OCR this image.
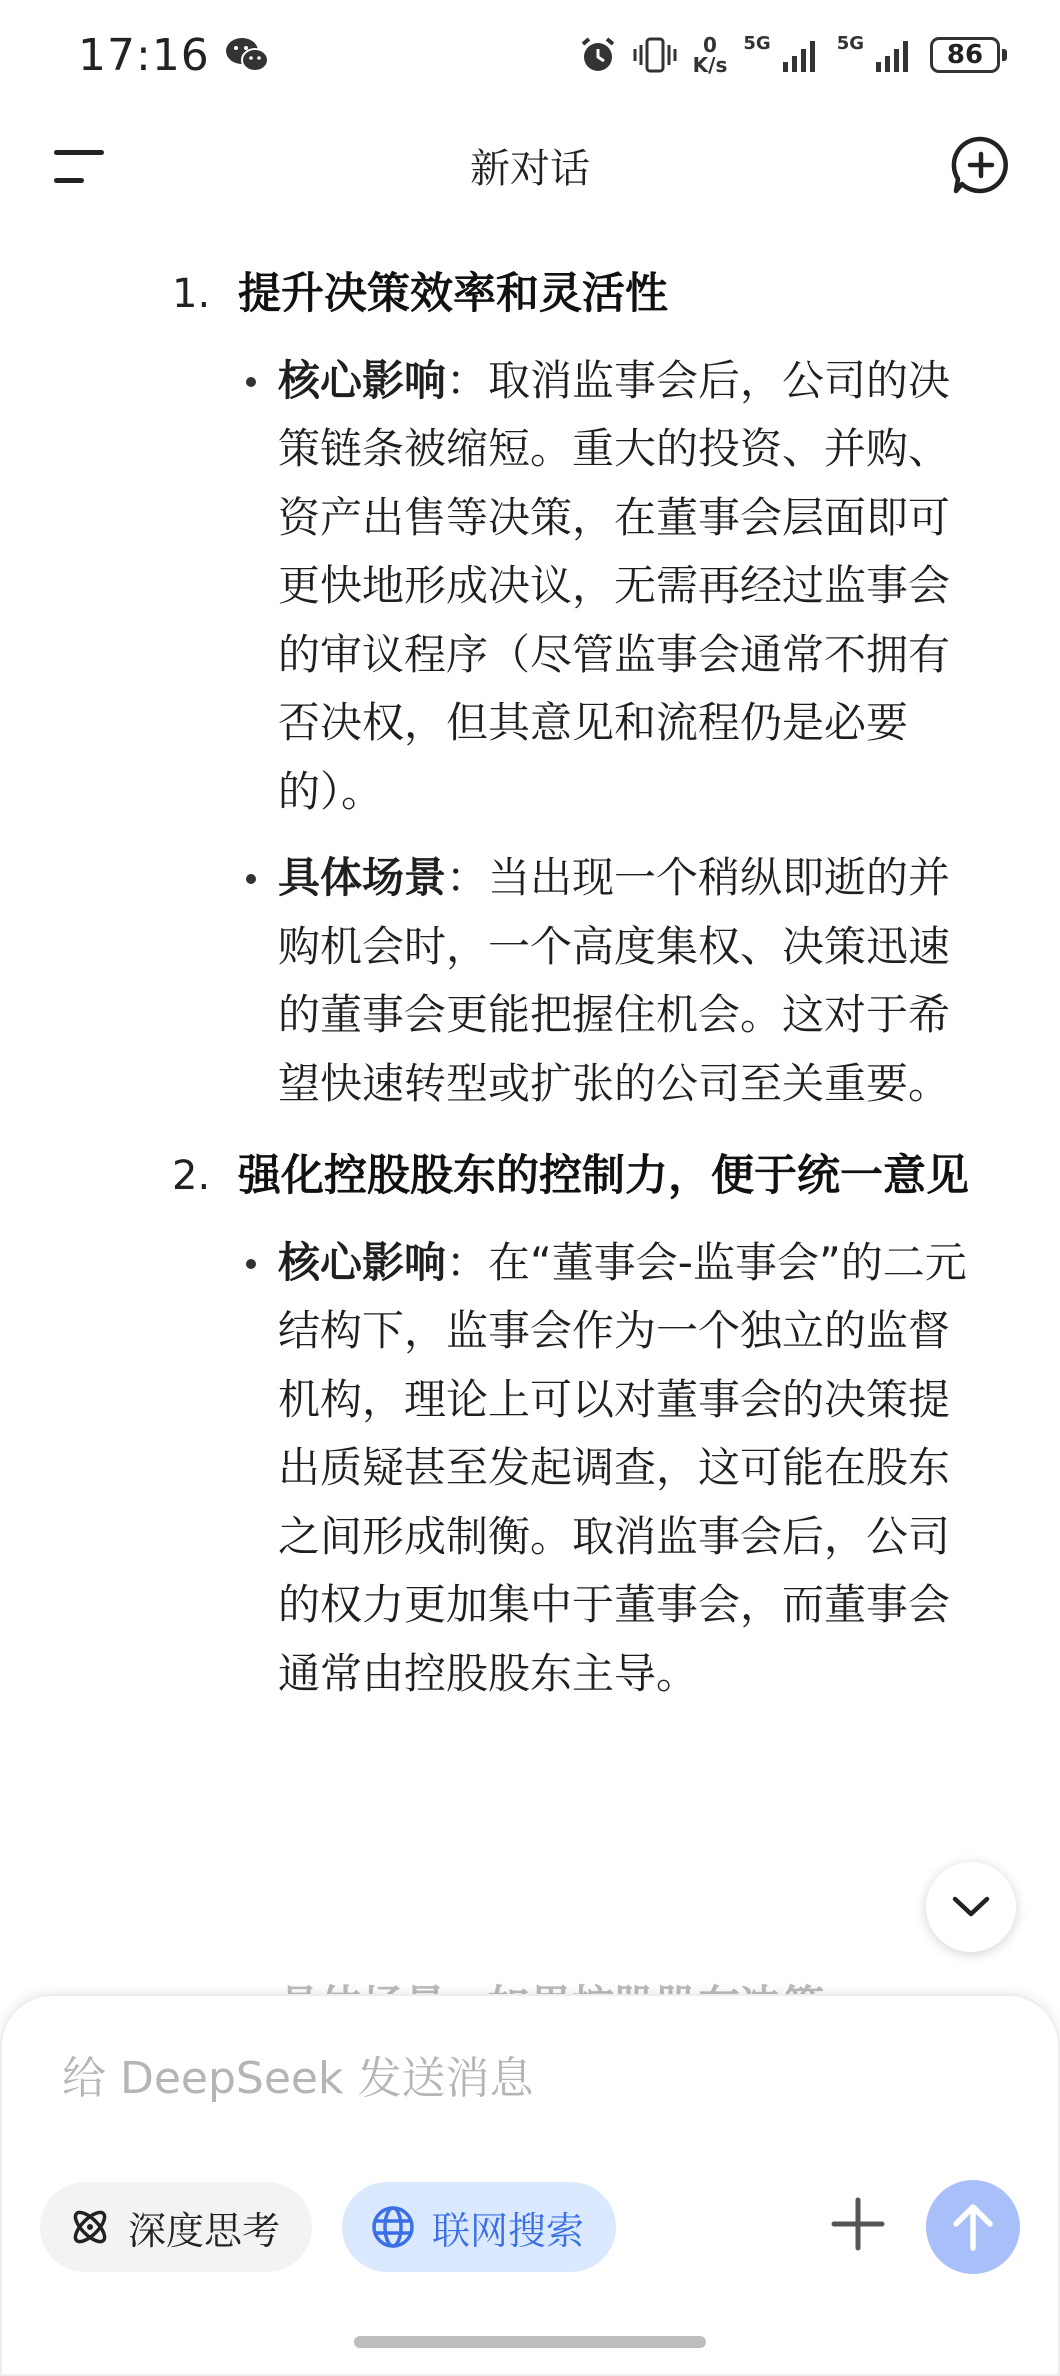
17:16	0
K/s
5G	5G	86
新对话
1. 提升决策效率和灵活性
核心影响：取消监事会后，公司的决策链条被缩短。重大的投资、并购、资产出售等决策，在董事会层面即可更快地形成决议，无需再经过监事会的审议程序（尽管监事会通常不拥有否决权，但其意见和流程仍是必要的）。
具体场景：当出现一个稍纵即逝的并购机会时，一个高度集权、决策迅速的董事会更能把握住机会。这对于希望快速转型或扩张的公司至关重要。
2. 强化控股股东的控制力，便于统一意见
核心影响：在“董事会-监事会”的二元结构下，监事会作为一个独立的监督机构，理论上可以对董事会的决策提出质疑甚至发起调查，这可能在股东之间形成制衡。取消监事会后，公司的权力更加集中于董事会，而董事会通常由控股股东主导。
给 DeepSeek 发送消息
深度思考	联网搜索
